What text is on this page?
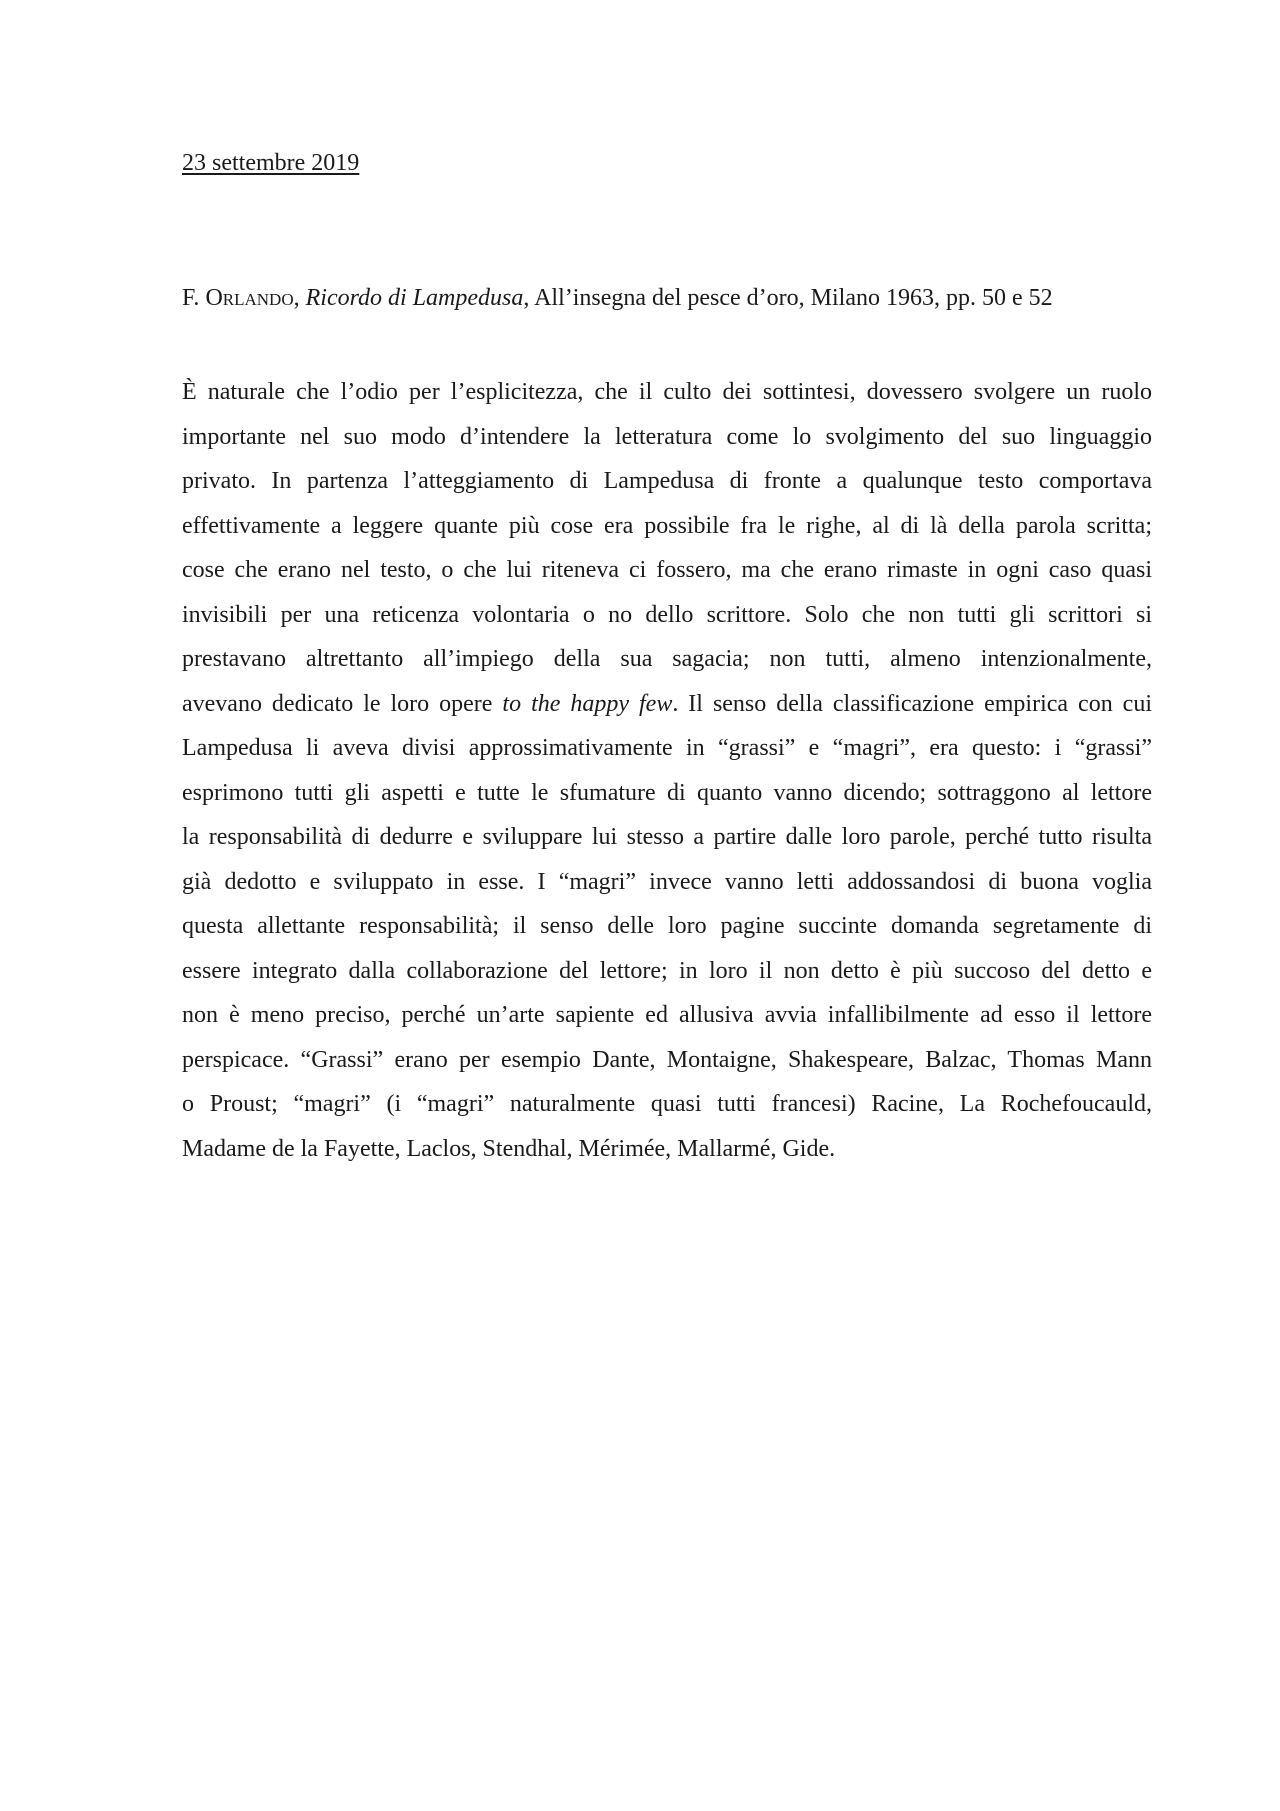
23 settembre 2019
F. Orlando, Ricordo di Lampedusa, All’insegna del pesce d’oro, Milano 1963, pp. 50 e 52
È naturale che l’odio per l’esplicitezza, che il culto dei sottintesi, dovessero svolgere un ruolo
importante nel suo modo d’intendere la letteratura come lo svolgimento del suo linguaggio
privato. In partenza l’atteggiamento di Lampedusa di fronte a qualunque testo comportava
effettivamente a leggere quante più cose era possibile fra le righe, al di là della parola scritta;
cose che erano nel testo, o che lui riteneva ci fossero, ma che erano rimaste in ogni caso quasi
invisibili per una reticenza volontaria o no dello scrittore. Solo che non tutti gli scrittori si
prestavano altrettanto all’impiego della sua sagacia; non tutti, almeno intenzionalmente,
avevano dedicato le loro opere to the happy few. Il senso della classificazione empirica con cui
Lampedusa li aveva divisi approssimativamente in “grassi” e “magri”, era questo: i “grassi”
esprimono tutti gli aspetti e tutte le sfumature di quanto vanno dicendo; sottraggono al lettore
la responsabilità di dedurre e sviluppare lui stesso a partire dalle loro parole, perché tutto risulta
già dedotto e sviluppato in esse. I “magri” invece vanno letti addossandosi di buona voglia
questa allettante responsabilità; il senso delle loro pagine succinte domanda segretamente di
essere integrato dalla collaborazione del lettore; in loro il non detto è più succoso del detto e
non è meno preciso, perché un’arte sapiente ed allusiva avvia infallibilmente ad esso il lettore
perspicace. “Grassi” erano per esempio Dante, Montaigne, Shakespeare, Balzac, Thomas Mann
o Proust; “magri” (i “magri” naturalmente quasi tutti francesi) Racine, La Rochefoucauld,
Madame de la Fayette, Laclos, Stendhal, Mérimée, Mallarmé, Gide.
